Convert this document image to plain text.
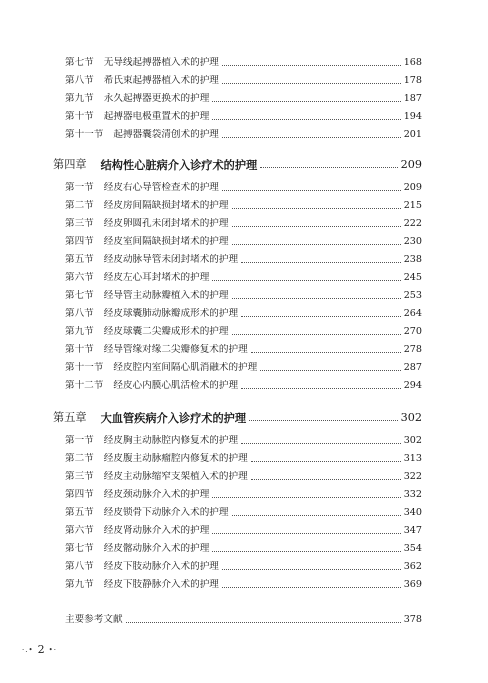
第七节 无导线起搏器植入术的护理	168
第八节 希氏束起搏器植入术的护理	178
第九节 永久起搏器更换术的护理	187
第十节 起搏器电极重置术的护理	194
第十一节 起搏器囊袋清创术的护理	201
第四章 结构性心脏病介入诊疗术的护理	209
第一节 经皮右心导管检查术的护理	209
第二节 经皮房间隔缺损封堵术的护理	215
第三节 经皮卵圆孔未闭封堵术的护理	222
第四节 经皮室间隔缺损封堵术的护理	230
第五节 经皮动脉导管未闭封堵术的护理	238
第六节 经皮左心耳封堵术的护理	245
第七节 经导管主动脉瓣植入术的护理	253
第八节 经皮球囊肺动脉瓣成形术的护理	264
第九节 经皮球囊二尖瓣成形术的护理	270
第十节 经导管缘对缘二尖瓣修复术的护理	278
第十一节 经皮腔内室间隔心肌消融术的护理	287
第十二节 经皮心内膜心肌活检术的护理	294
第五章 大血管疾病介入诊疗术的护理	302
第一节 经皮胸主动脉腔内修复术的护理	302
第二节 经皮腹主动脉瘤腔内修复术的护理	313
第三节 经皮主动脉缩窄支架植入术的护理	322
第四节 经皮颈动脉介入术的护理	332
第五节 经皮锁骨下动脉介入术的护理	340
第六节 经皮肾动脉介入术的护理	347
第七节 经皮髂动脉介入术的护理	354
第八节 经皮下肢动脉介入术的护理	362
第九节 经皮下肢静脉介入术的护理	369
主要参考文献	378
·.• 2 •·
